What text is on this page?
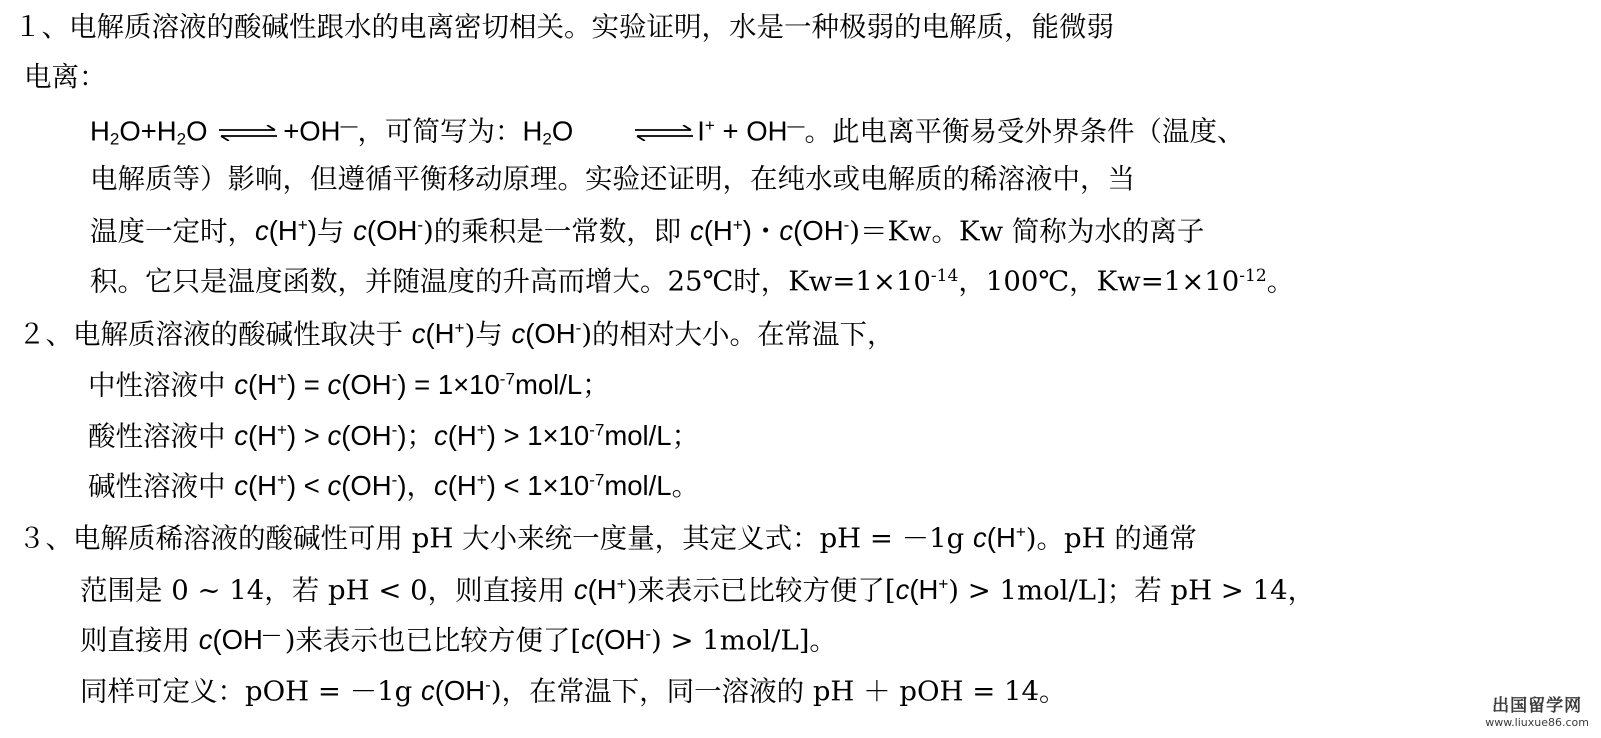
１、电解质溶液的酸碱性跟水的电离密切相关。实验证明，水是一种极弱的电解质，能微弱
电离：
$H_2O+H_2O$ ⇌ +OH—，可简写为：$H_2O$ ⇌ I+ + OH—。此电离平衡易受外界条件（温度、
电解质等）影响，但遵循平衡移动原理。实验还证明，在纯水或电解质的稀溶液中，当
温度一定时，c(H+)与 c(OH-)的乘积是一常数，即 c(H+)・c(OH-)＝Kw。Kw 简称为水的离子
积。它只是温度函数，并随温度的升高而增大。25℃时，$Kw=1\times 10^{-14}$，100℃，$Kw=1\times 10^{-12}$。
２、电解质溶液的酸碱性取决于 c(H+)与 c(OH-)的相对大小。在常温下，
中性溶液中 $c(H^+) = c(OH^-) = 1\times 10^{-7}mol/L$；
酸性溶液中 c(H+) > c(OH-)；$c(H^+) > 1\times 10^{-7}mol/L$；
碱性溶液中 c(H+) < c(OH-)，$c(H^+) < 1\times 10^{-7}mol/L$。
３、电解质稀溶液的酸碱性可用 pH 大小来统一度量，其定义式：pH = －1g c(H+)。pH 的通常
范围是 0 ~ 14，若 pH < 0，则直接用 c(H+)来表示已比较方便了[c(H+) > 1mol/L]；若 pH > 14，
则直接用 c(OH— )来表示也已比较方便了[c(OH-) > 1mol/L]。
同样可定义：pOH = －1g c(OH-)，在常温下，同一溶液的 pH ＋ pOH = 14。	出国留学网
www.liuxue86.com
